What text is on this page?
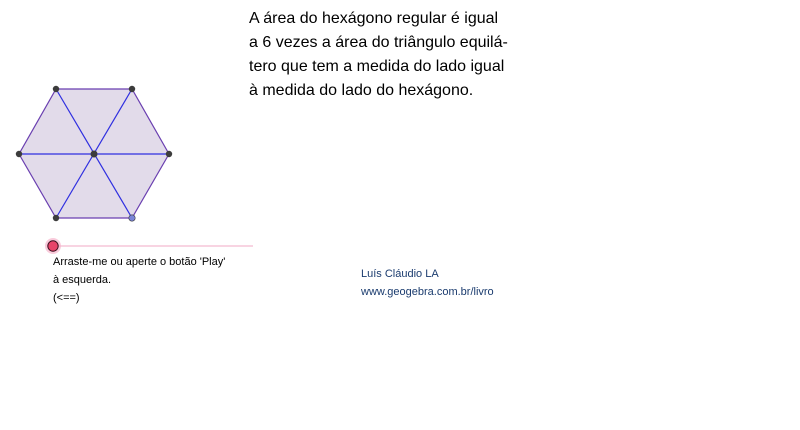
A área do hexágono regular é igual
a 6 vezes a área do triângulo equilá-
tero que tem a medida do lado igual
à medida do lado do hexágono.
Arraste-me ou aperte o botão 'Play'
à esquerda.
(<==)
Luís Cláudio LA
www.geogebra.com.br/livro
